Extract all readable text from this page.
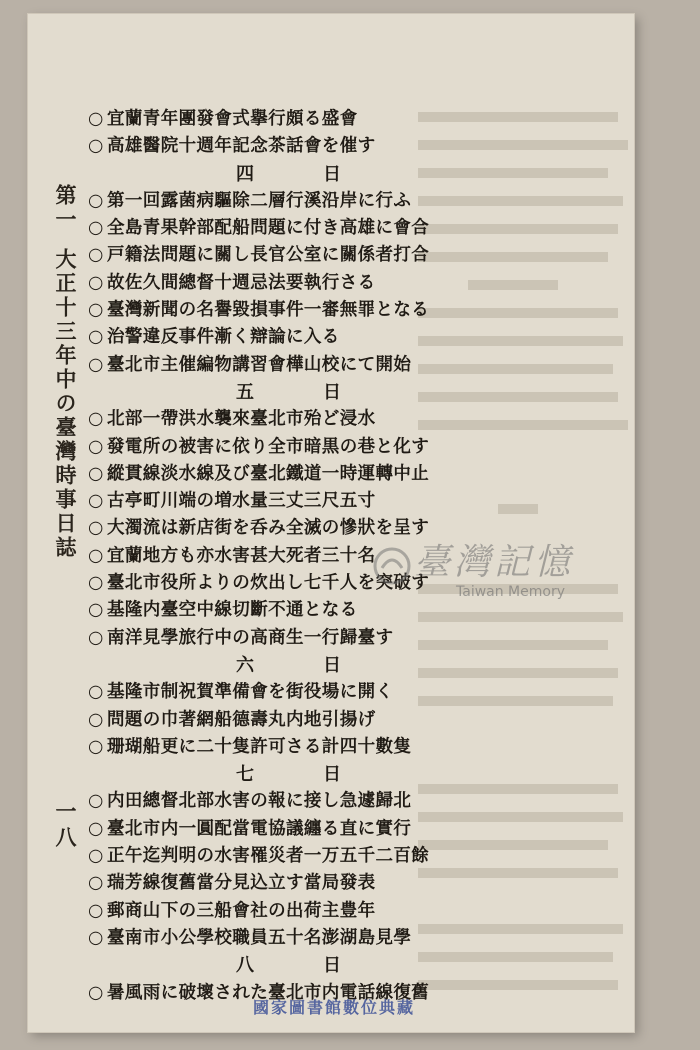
第一大正十三年中の臺灣時事日誌
一八
○ 宜蘭青年團發會式擧行頗る盛會
○ 高雄醫院十週年記念茶話會を催す
四	日
○ 第一回露菌病驅除二層行溪沿岸に行ふ
○ 全島青果幹部配船問題に付き高雄に會合
○ 戸籍法問題に關し長官公室に關係者打合
○ 故佐久間總督十週忌法要執行さる
○ 臺灣新聞の名譽毀損事件一審無罪となる
○ 治警違反事件漸く辯論に入る
○ 臺北市主催編物講習會樺山校にて開始
五	日
○ 北部一帶洪水襲來臺北市殆ど浸水
○ 發電所の被害に依り全市暗黒の巷と化す
○ 縱貫線淡水線及び臺北鐵道一時運轉中止
○ 古亭町川端の増水量三丈三尺五寸
○ 大濁流は新店街を呑み全滅の慘狀を呈す
○ 宜蘭地方も亦水害甚大死者三十名
○ 臺北市役所よりの炊出し七千人を突破す
○ 基隆内臺空中線切斷不通となる
○ 南洋見學旅行中の高商生一行歸臺す
六	日
○ 基隆市制祝賀準備會を街役場に開く
○ 問題の巾著網船德壽丸内地引揚げ
○ 珊瑚船更に二十隻許可さる計四十數隻
七	日
○ 内田總督北部水害の報に接し急遽歸北
○ 臺北市内一圓配當電協議纏る直に實行
○ 正午迄判明の水害罹災者一万五千二百餘
○ 瑞芳線復舊當分見込立す當局發表
○ 郵商山下の三船會社の出荷主豊年
○ 臺南市小公學校職員五十名澎湖島見學
八	日
○ 暑風雨に破壞された臺北市内電話線復舊
臺灣記憶
Taiwan Memory
國家圖書館數位典藏
